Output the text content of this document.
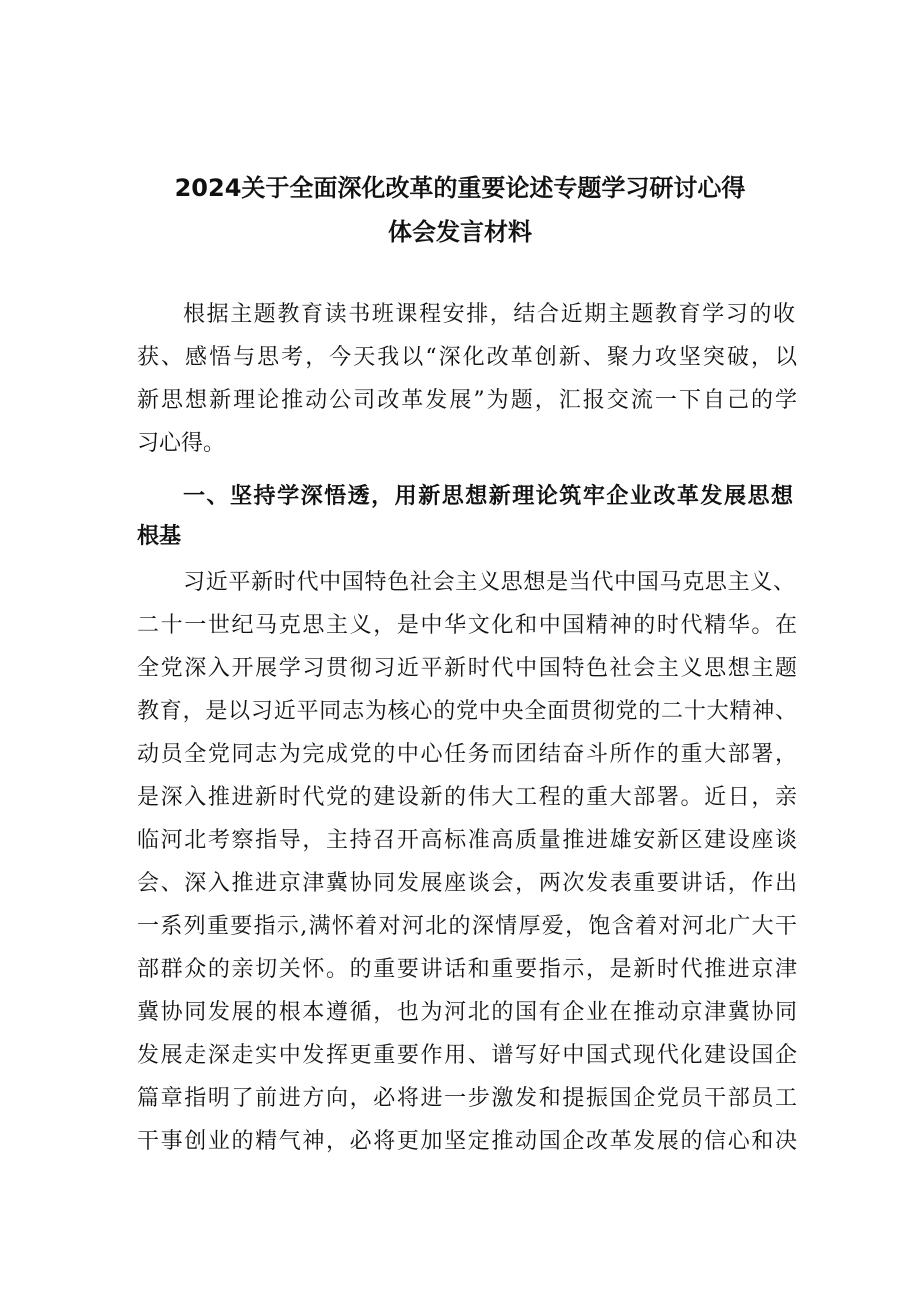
2024关于全面深化改革的重要论述专题学习研讨心得
体会发言材料
根据主题教育读书班课程安排，结合近期主题教育学习的收
获、感悟与思考，今天我以“深化改革创新、聚力攻坚突破，以
新思想新理论推动公司改革发展”为题，汇报交流一下自己的学
习心得。
一、坚持学深悟透，用新思想新理论筑牢企业改革发展思想
根基
习近平新时代中国特色社会主义思想是当代中国马克思主义、
二十一世纪马克思主义，是中华文化和中国精神的时代精华。在
全党深入开展学习贯彻习近平新时代中国特色社会主义思想主题
教育，是以习近平同志为核心的党中央全面贯彻党的二十大精神、
动员全党同志为完成党的中心任务而团结奋斗所作的重大部署，
是深入推进新时代党的建设新的伟大工程的重大部署。近日，亲
临河北考察指导，主持召开高标准高质量推进雄安新区建设座谈
会、深入推进京津冀协同发展座谈会，两次发表重要讲话，作出
一系列重要指示,满怀着对河北的深情厚爱，饱含着对河北广大干
部群众的亲切关怀。的重要讲话和重要指示，是新时代推进京津
冀协同发展的根本遵循，也为河北的国有企业在推动京津冀协同
发展走深走实中发挥更重要作用、谱写好中国式现代化建设国企
篇章指明了前进方向，必将进一步激发和提振国企党员干部员工
干事创业的精气神，必将更加坚定推动国企改革发展的信心和决
